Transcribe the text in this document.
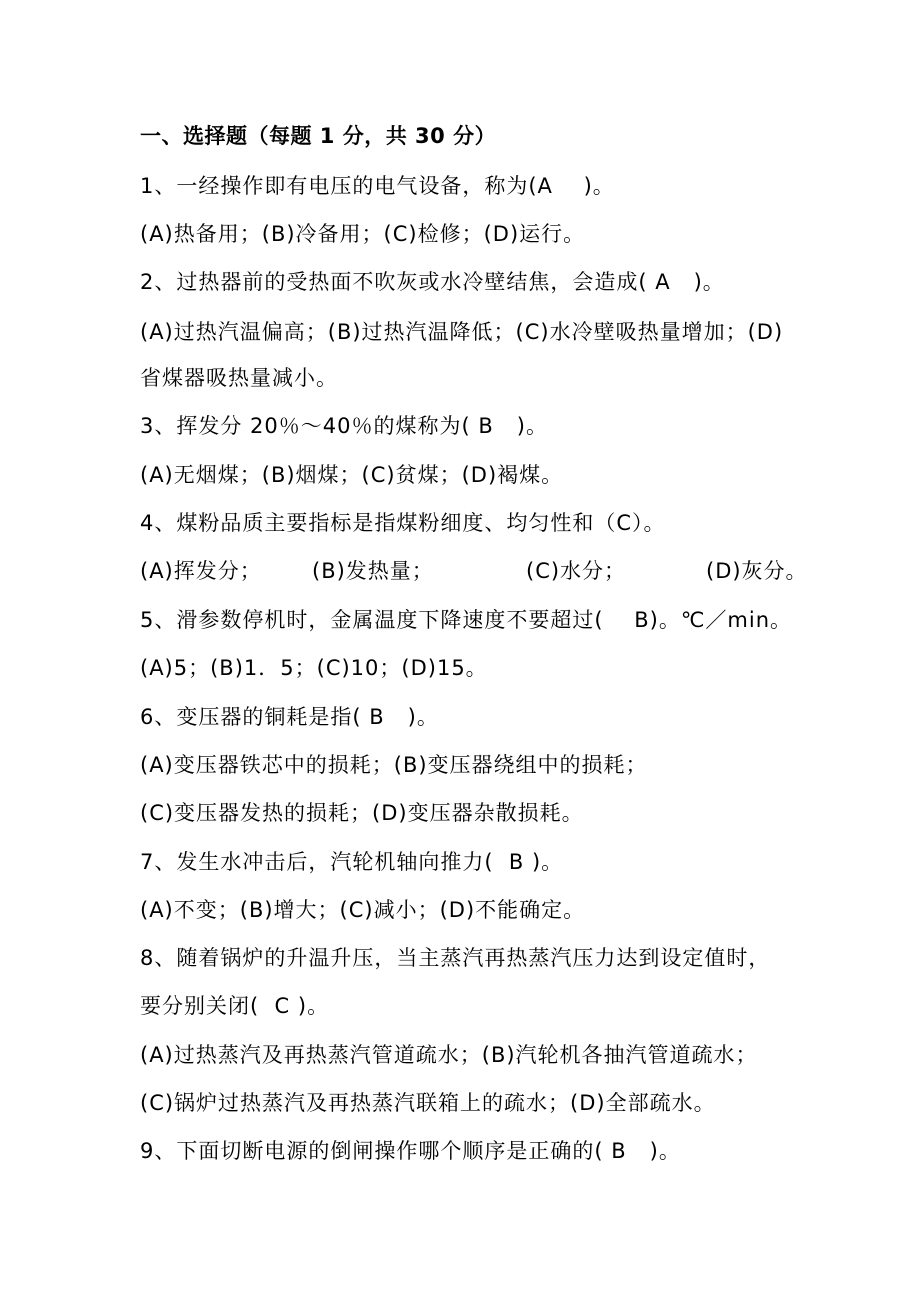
一、选择题（每题 1 分，共 30 分）
1、一经操作即有电压的电气设备，称为(A    )。
(A)热备用；(B)冷备用；(C)检修；(D)运行。
2、过热器前的受热面不吹灰或水冷壁结焦，会造成( A   )。
(A)过热汽温偏高；(B)过热汽温降低；(C)水冷壁吸热量增加；(D)
省煤器吸热量减小。
3、挥发分 20％～40％的煤称为( B   )。
(A)无烟煤；(B)烟煤；(C)贫煤；(D)褐煤。
4、煤粉品质主要指标是指煤粉细度、均匀性和（C）。

(A)挥发分；

(B)发热量；

	(C)水分；

	(D)灰分。

5、滑参数停机时，金属温度下降速度不要超过(    B)。℃／min。
(A)5；(B)1．5；(C)10；(D)15。
6、变压器的铜耗是指( B   )。
(A)变压器铁芯中的损耗；(B)变压器绕组中的损耗；
(C)变压器发热的损耗；(D)变压器杂散损耗。
7、发生水冲击后，汽轮机轴向推力(  B )。
(A)不变；(B)增大；(C)减小；(D)不能确定。
8、随着锅炉的升温升压，当主蒸汽再热蒸汽压力达到设定值时，
要分别关闭(  C )。
(A)过热蒸汽及再热蒸汽管道疏水；(B)汽轮机各抽汽管道疏水；
(C)锅炉过热蒸汽及再热蒸汽联箱上的疏水；(D)全部疏水。
9、下面切断电源的倒闸操作哪个顺序是正确的( B   )。
